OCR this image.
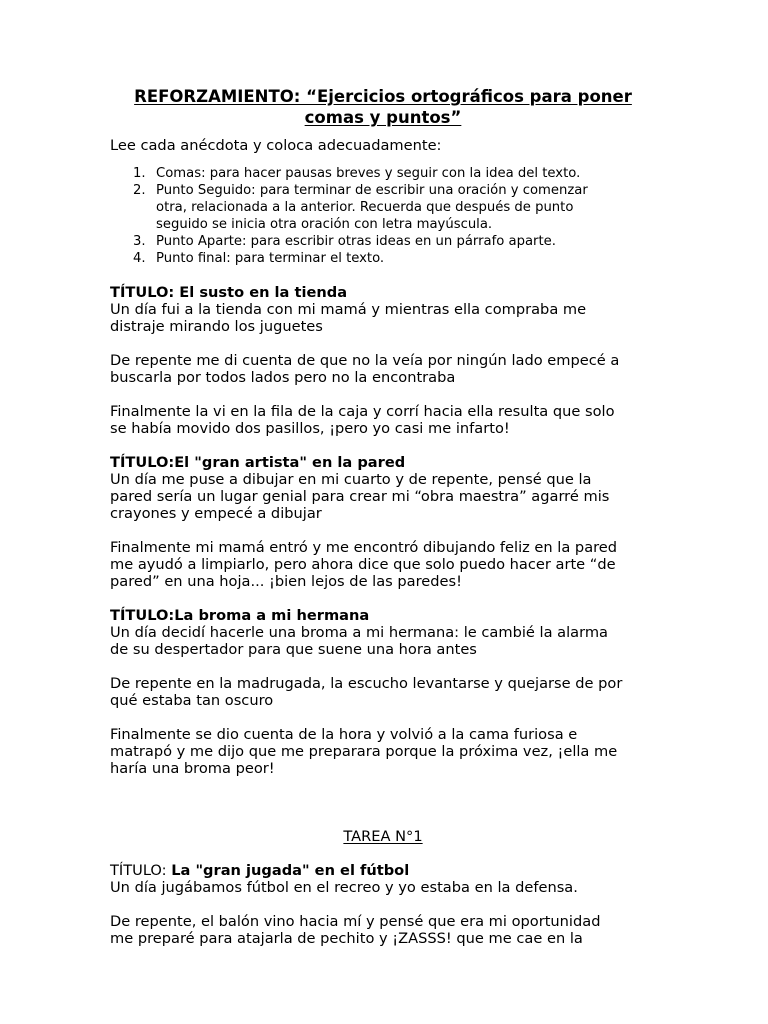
REFORZAMIENTO: “Ejercicios ortográficos para poner
comas y puntos”
Lee cada anécdota y coloca adecuadamente:
1. Comas: para hacer pausas breves y seguir con la idea del texto.
2. Punto Seguido: para terminar de escribir una oración y comenzar
otra, relacionada a la anterior. Recuerda que después de punto
seguido se inicia otra oración con letra mayúscula.
3. Punto Aparte: para escribir otras ideas en un párrafo aparte.
4. Punto final: para terminar el texto.
TÍTULO: El susto en la tienda
Un día fui a la tienda con mi mamá y mientras ella compraba me
distraje mirando los juguetes
De repente me di cuenta de que no la veía por ningún lado empecé a
buscarla por todos lados pero no la encontraba
Finalmente la vi en la fila de la caja y corrí hacia ella resulta que solo
se había movido dos pasillos, ¡pero yo casi me infarto!
TÍTULO:El "gran artista" en la pared
Un día me puse a dibujar en mi cuarto y de repente, pensé que la
pared sería un lugar genial para crear mi “obra maestra” agarré mis
crayones y empecé a dibujar
Finalmente mi mamá entró y me encontró dibujando feliz en la pared
me ayudó a limpiarlo, pero ahora dice que solo puedo hacer arte “de
pared” en una hoja... ¡bien lejos de las paredes!
TÍTULO:La broma a mi hermana
Un día decidí hacerle una broma a mi hermana: le cambié la alarma
de su despertador para que suene una hora antes
De repente en la madrugada, la escucho levantarse y quejarse de por
qué estaba tan oscuro
Finalmente se dio cuenta de la hora y volvió a la cama furiosa e
matrapó y me dijo que me preparara porque la próxima vez, ¡ella me
haría una broma peor!
TAREA N°1
TÍTULO: La "gran jugada" en el fútbol
Un día jugábamos fútbol en el recreo y yo estaba en la defensa.
De repente, el balón vino hacia mí y pensé que era mi oportunidad
me preparé para atajarla de pechito y ¡ZASSS! que me cae en la
